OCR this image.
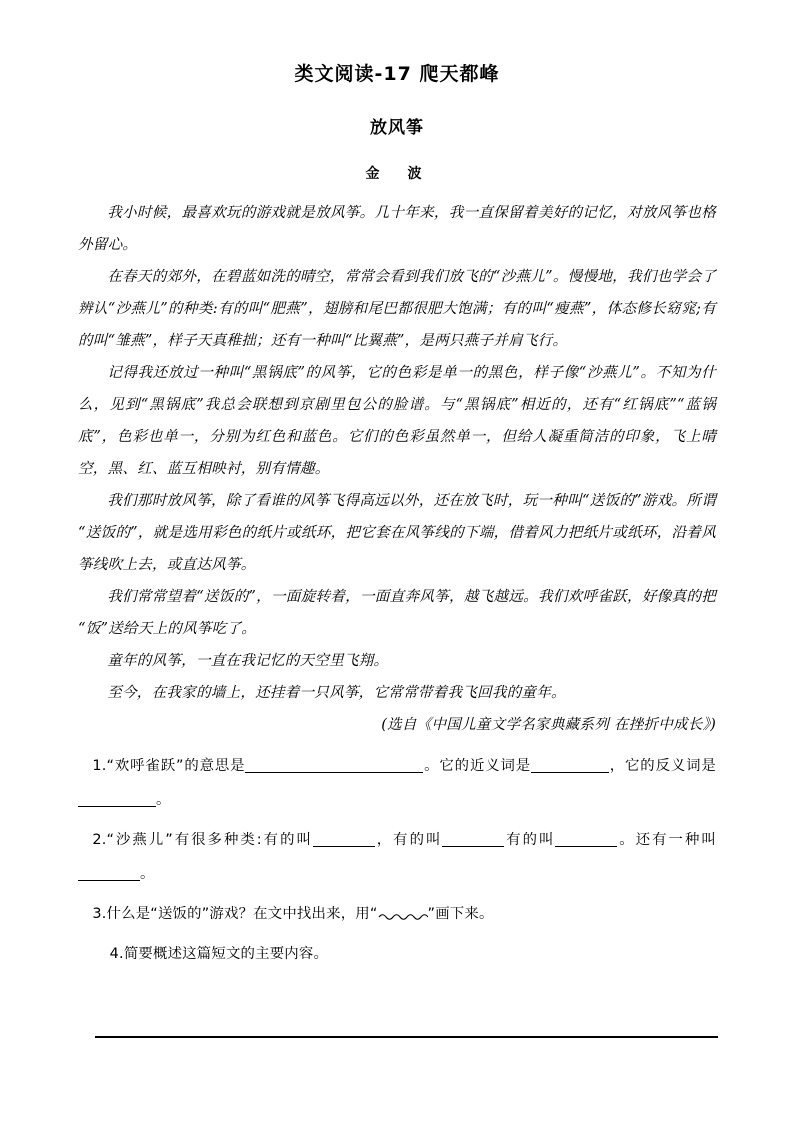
类文阅读-17 爬天都峰
放风筝
金　波

我小时候，最喜欢玩的游戏就是放风筝。几十年来，我一直保留着美好的记忆，对放风筝也格外留心。

在春天的郊外，在碧蓝如洗的晴空，常常会看到我们放飞的“沙燕儿”。慢慢地，我们也学会了辨认“沙燕儿”的种类:有的叫“肥燕”，翅膀和尾巴都很肥大饱满；有的叫“瘦燕”，体态修长窈窕;有的叫“雏燕”，样子天真稚拙；还有一种叫“比翼燕”，是两只燕子并肩飞行。

记得我还放过一种叫“黑锅底”的风筝，它的色彩是单一的黑色，样子像“沙燕儿”。不知为什么，见到“黑锅底”我总会联想到京剧里包公的脸谱。与“黑锅底”相近的，还有“红锅底”“蓝锅底”，色彩也单一，分别为红色和蓝色。它们的色彩虽然单一，但给人凝重简洁的印象，飞上晴空，黑、红、蓝互相映衬，别有情趣。

我们那时放风筝，除了看谁的风筝飞得高远以外，还在放飞时，玩一种叫“送饭的”游戏。所谓“送饭的”，就是选用彩色的纸片或纸环，把它套在风筝线的下端，借着风力把纸片或纸环，沿着风筝线吹上去，或直达风筝。

我们常常望着“送饭的”，一面旋转着，一面直奔风筝，越飞越远。我们欢呼雀跃，好像真的把“饭”送给天上的风筝吃了。

童年的风筝，一直在我记忆的天空里飞翔。

至今，在我家的墙上，还挂着一只风筝，它常常带着我飞回我的童年。

(选自《中国儿童文学名家典藏系列 在挫折中成长》)

1.“欢呼雀跃”的意思是	。它的近义词是	，它的反义词是。

2.“沙燕儿”有很多种类:有的叫	，有的叫	有的叫	。还有一种叫。

3.什么是“送饭的”游戏？在文中找出来，用“	”画下来。

4.简要概述这篇短文的主要内容。
